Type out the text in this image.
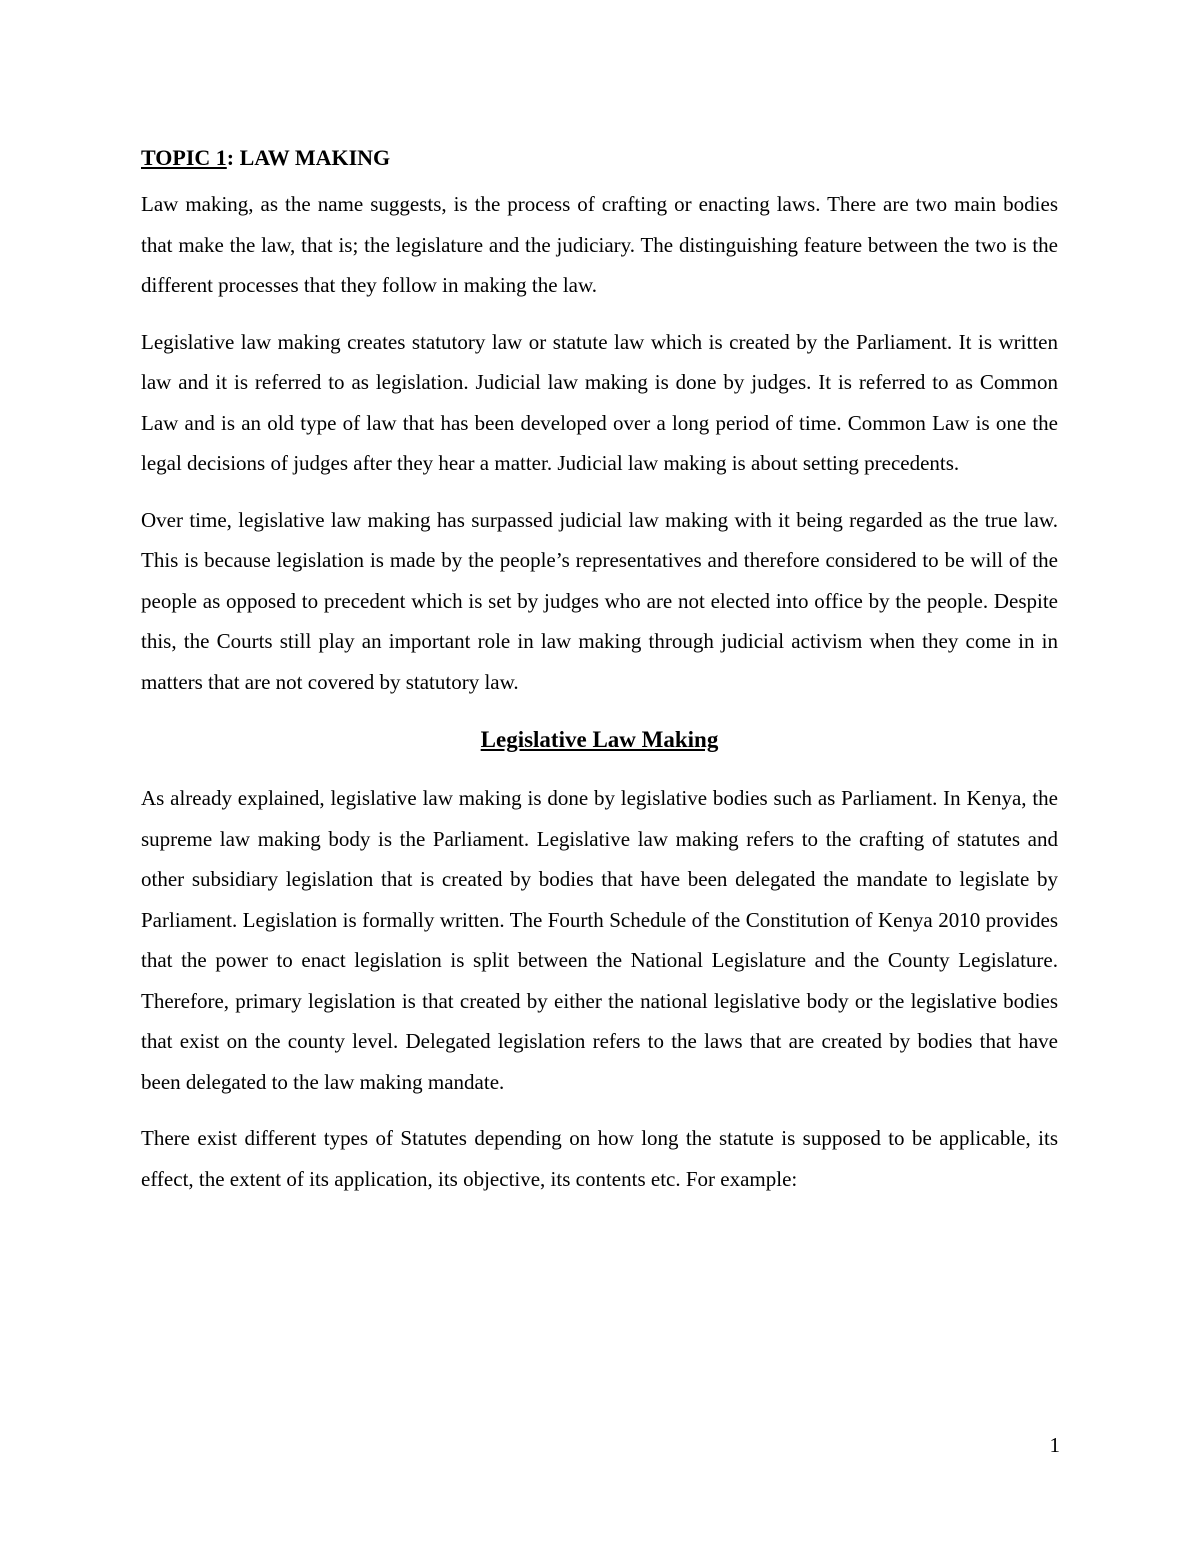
TOPIC 1: LAW MAKING

Law making, as the name suggests, is the process of crafting or enacting laws. There are two main bodies that make the law, that is; the legislature and the judiciary. The distinguishing feature between the two is the different processes that they follow in making the law.

Legislative law making creates statutory law or statute law which is created by the Parliament. It is written law and it is referred to as legislation. Judicial law making is done by judges. It is referred to as Common Law and is an old type of law that has been developed over a long period of time. Common Law is one the legal decisions of judges after they hear a matter. Judicial law making is about setting precedents.

Over time, legislative law making has surpassed judicial law making with it being regarded as the true law. This is because legislation is made by the people’s representatives and therefore considered to be will of the people as opposed to precedent which is set by judges who are not elected into office by the people. Despite this, the Courts still play an important role in law making through judicial activism when they come in in matters that are not covered by statutory law.

Legislative Law Making

As already explained, legislative law making is done by legislative bodies such as Parliament. In Kenya, the supreme law making body is the Parliament. Legislative law making refers to the crafting of statutes and other subsidiary legislation that is created by bodies that have been delegated the mandate to legislate by Parliament. Legislation is formally written. The Fourth Schedule of the Constitution of Kenya 2010 provides that the power to enact legislation is split between the National Legislature and the County Legislature. Therefore, primary legislation is that created by either the national legislative body or the legislative bodies that exist on the county level. Delegated legislation refers to the laws that are created by bodies that have been delegated to the law making mandate.

There exist different types of Statutes depending on how long the statute is supposed to be applicable, its effect, the extent of its application, its objective, its contents etc. For example:

1
